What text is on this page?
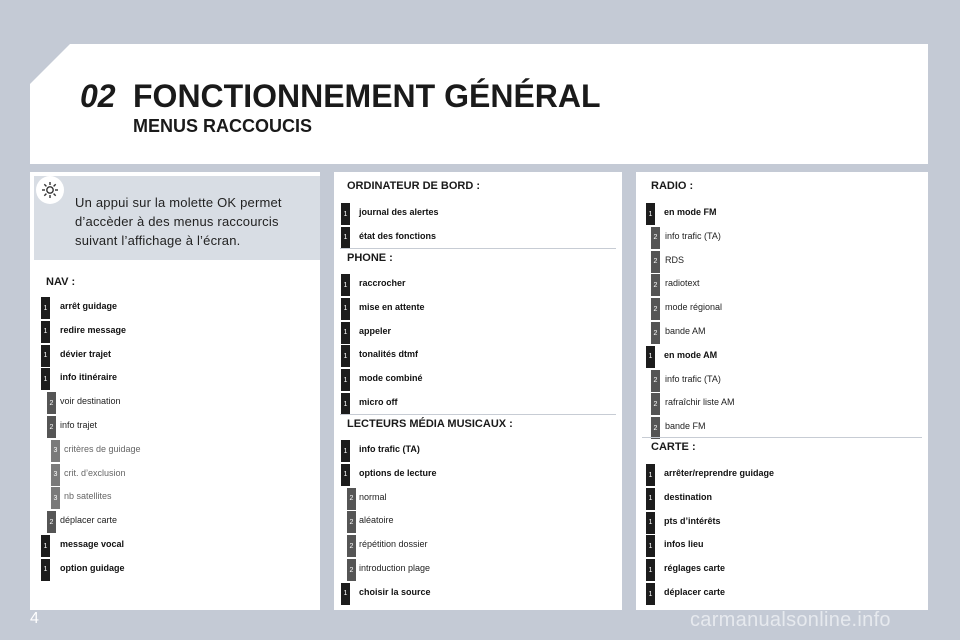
02 FONCTIONNEMENT GÉNÉRAL
MENUS RACCOUCIS
Un appui sur la molette OK permet d’accèder à des menus raccourcis suivant l’affichage à l’écran.
NAV :
1 arrêt guidage
1 redire message
1 dévier trajet
1 info itinéraire
2 voir destination
2 info trajet
3 critères de guidage
3 crit. d’exclusion
3 nb satellites
2 déplacer carte
1 message vocal
1 option guidage
ORDINATEUR DE BORD :
1 journal des alertes
1 état des fonctions
PHONE :
1 raccrocher
1 mise en attente
1 appeler
1 tonalités dtmf
1 mode combiné
1 micro off
LECTEURS MÉDIA MUSICAUX :
1 info trafic (TA)
1 options de lecture
2 normal
2 aléatoire
2 répétition dossier
2 introduction plage
1 choisir la source
RADIO :
1 en mode FM
2 info trafic (TA)
2 RDS
2 radiotext
2 mode régional
2 bande AM
1 en mode AM
2 info trafic (TA)
2 rafraîchir liste AM
2 bande FM
CARTE :
1 arrêter/reprendre guidage
1 destination
1 pts d’intérêts
1 infos lieu
1 réglages carte
1 déplacer carte
4	carmanualsonline.info
